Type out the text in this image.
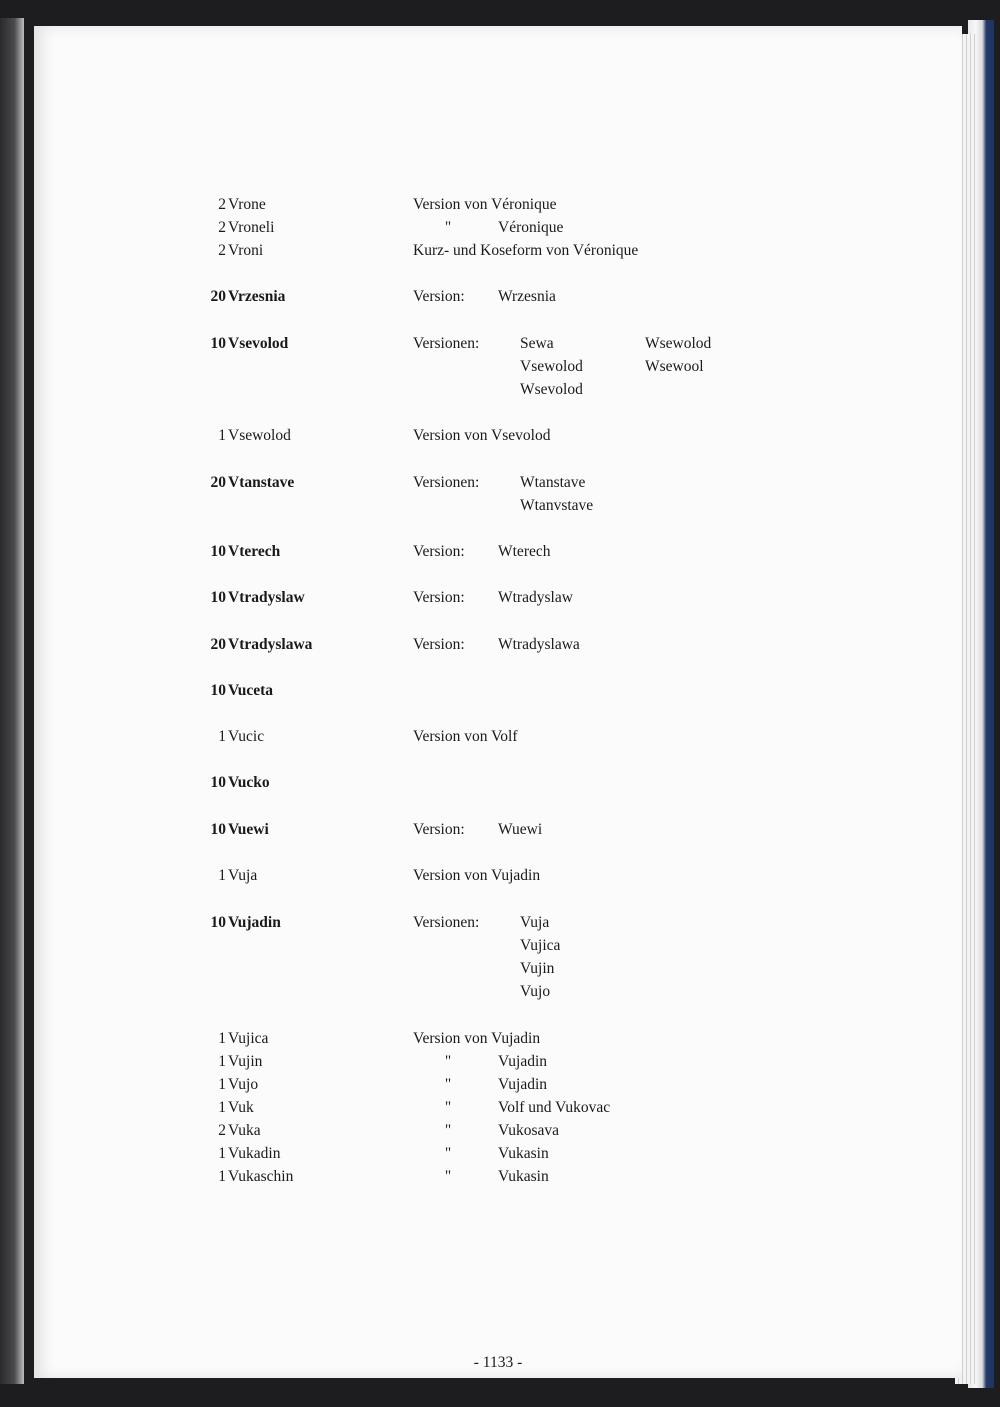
2 Vrone	Version von Véronique
2 Vroneli	"	Véronique
2 Vroni	Kurz- und Koseform von Véronique
20 Vrzesnia	Version: Wrzesnia
10 Vsevolod	Versionen:	Sewa	Wsewolod
Vsewolod	Wsewool
Wsevolod
1 Vsewolod	Version von Vsevolod
20 Vtanstave	Versionen:	Wtanstave
Wtanvstave
10 Vterech	Version: Wterech
10 Vtradyslaw	Version: Wtradyslaw
20 Vtradyslawa	Version: Wtradyslawa
10 Vuceta
1 Vucic	Version von Volf
10 Vucko
10 Vuewi	Version: Wuewi
1 Vuja	Version von Vujadin
10 Vujadin	Versionen:	Vuja
Vujica
Vujin
Vujo
1 Vujica	Version von Vujadin
1 Vujin	"	Vujadin
1 Vujo	"	Vujadin
1 Vuk	"	Volf und Vukovac
2 Vuka	"	Vukosava
1 Vukadin	"	Vukasin
1 Vukaschin	"	Vukasin
- 1133 -
